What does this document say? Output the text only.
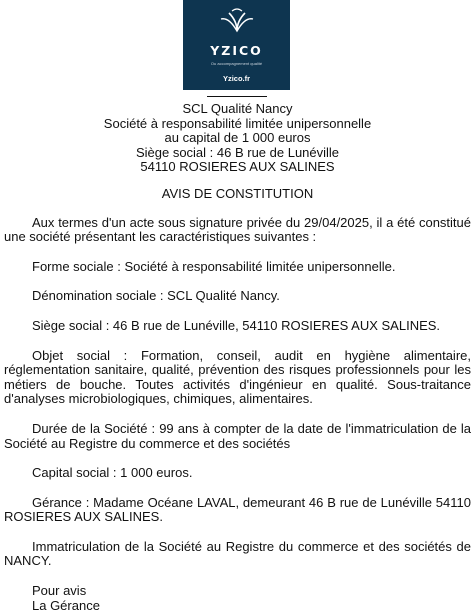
YZICO
Ou accompagnement qualité
Yzico.fr
SCL Qualité Nancy
Société à responsabilité limitée unipersonnelle
au capital de 1 000 euros
Siège social : 46 B rue de Lunéville
54110 ROSIERES AUX SALINES
AVIS DE CONSTITUTION

Aux termes d'un acte sous signature privée du 29/04/2025, il a été constitué une société présentant les caractéristiques suivantes :

Forme sociale : Société à responsabilité limitée unipersonnelle.

Dénomination sociale : SCL Qualité Nancy.

Siège social : 46 B rue de Lunéville, 54110 ROSIERES AUX SALINES.

Objet social : Formation, conseil, audit en hygiène alimentaire, réglementation sanitaire, qualité, prévention des risques professionnels pour les métiers de bouche. Toutes activités d'ingénieur en qualité. Sous-traitance d'analyses microbiologiques, chimiques, alimentaires.

Durée de la Société : 99 ans à compter de la date de l'immatriculation de la Société au Registre du commerce et des sociétés

Capital social : 1 000 euros.

Gérance : Madame Océane LAVAL, demeurant 46 B rue de Lunéville 54110 ROSIERES AUX SALINES.

Immatriculation de la Société au Registre du commerce et des sociétés de NANCY.

Pour avis
La Gérance
